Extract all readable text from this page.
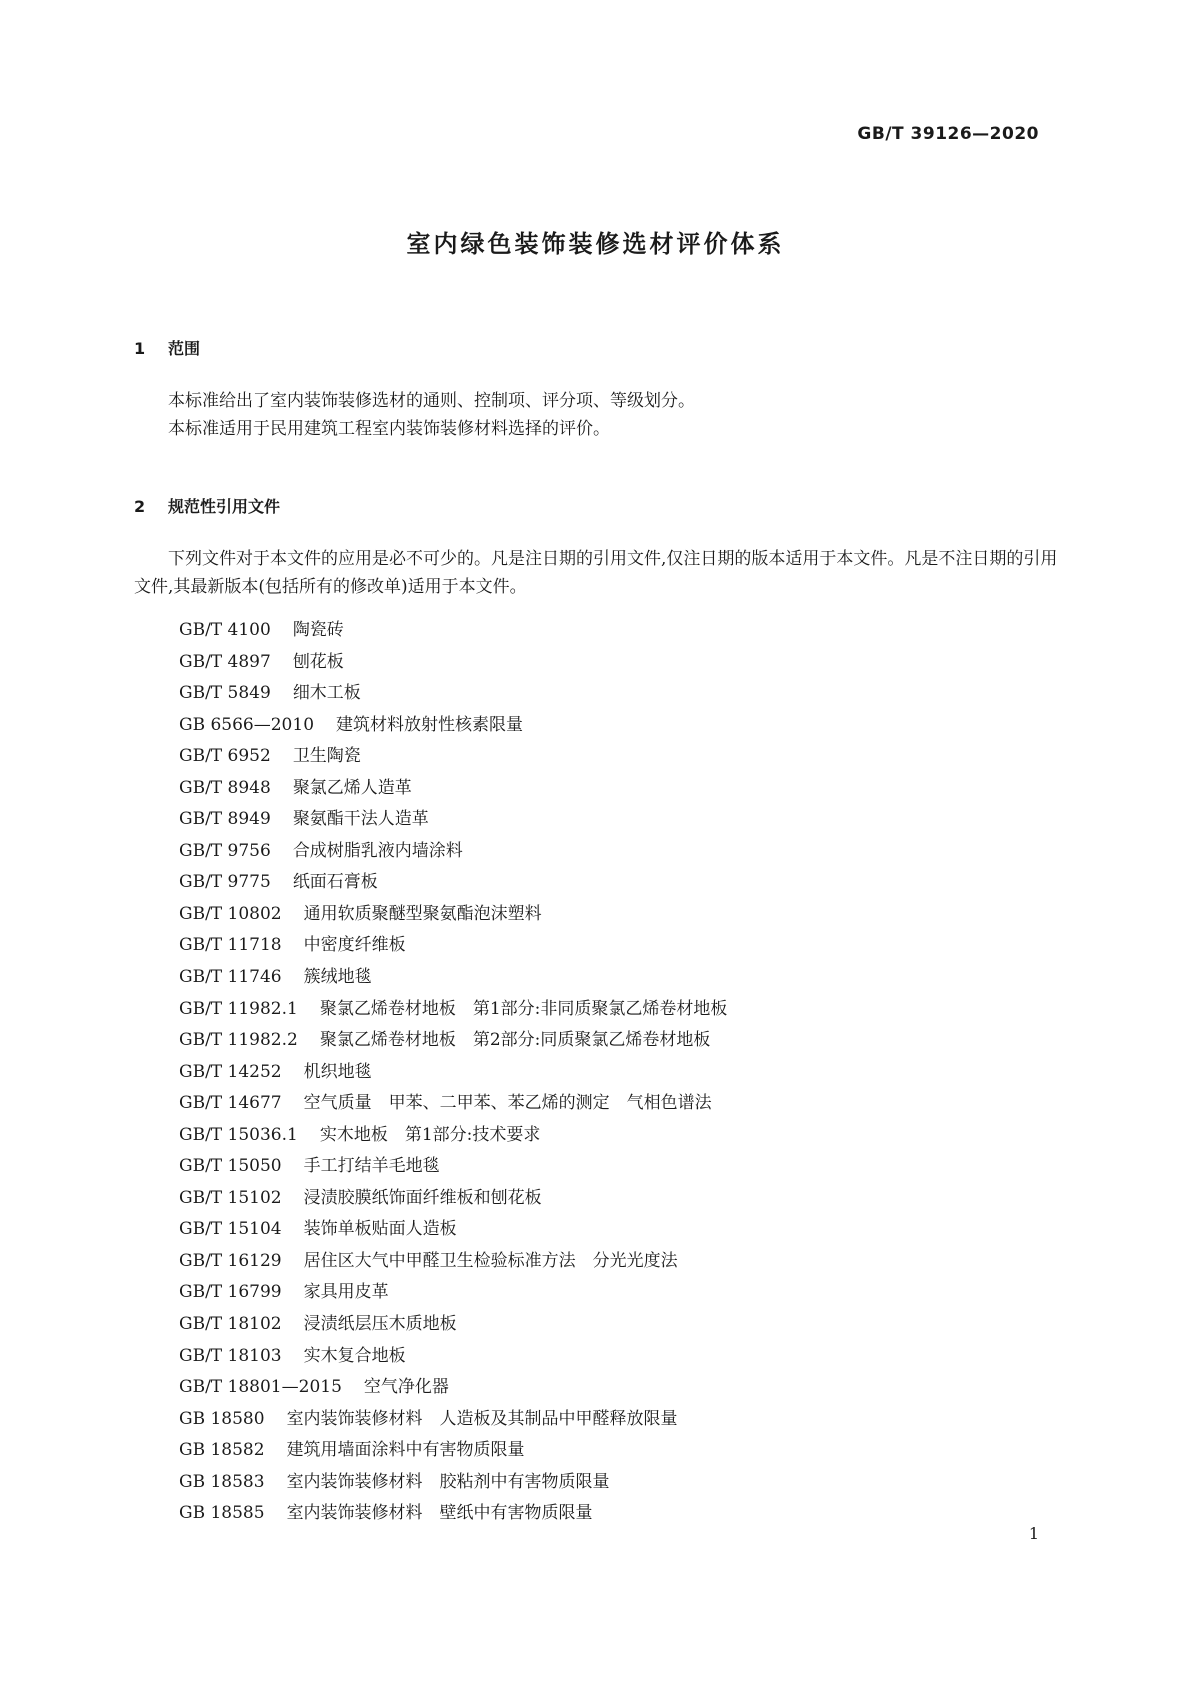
GB/T 39126—2020
室内绿色装饰装修选材评价体系
1 范围

本标准给出了室内装饰装修选材的通则、控制项、评分项、等级划分。

本标准适用于民用建筑工程室内装饰装修材料选择的评价。

2 规范性引用文件

下列文件对于本文件的应用是必不可少的。凡是注日期的引用文件,仅注日期的版本适用于本文件。凡是不注日期的引用文件,其最新版本(包括所有的修改单)适用于本文件。

GB/T 4100 陶瓷砖
GB/T 4897 刨花板
GB/T 5849 细木工板
GB 6566—2010 建筑材料放射性核素限量
GB/T 6952 卫生陶瓷
GB/T 8948 聚氯乙烯人造革
GB/T 8949 聚氨酯干法人造革
GB/T 9756 合成树脂乳液内墙涂料
GB/T 9775 纸面石膏板
GB/T 10802 通用软质聚醚型聚氨酯泡沫塑料
GB/T 11718 中密度纤维板
GB/T 11746 簇绒地毯
GB/T 11982.1 聚氯乙烯卷材地板　第1部分:非同质聚氯乙烯卷材地板
GB/T 11982.2 聚氯乙烯卷材地板　第2部分:同质聚氯乙烯卷材地板
GB/T 14252 机织地毯
GB/T 14677 空气质量　甲苯、二甲苯、苯乙烯的测定　气相色谱法
GB/T 15036.1 实木地板　第1部分:技术要求
GB/T 15050 手工打结羊毛地毯
GB/T 15102 浸渍胶膜纸饰面纤维板和刨花板
GB/T 15104 装饰单板贴面人造板
GB/T 16129 居住区大气中甲醛卫生检验标准方法　分光光度法
GB/T 16799 家具用皮革
GB/T 18102 浸渍纸层压木质地板
GB/T 18103 实木复合地板
GB/T 18801—2015 空气净化器
GB 18580 室内装饰装修材料　人造板及其制品中甲醛释放限量
GB 18582 建筑用墙面涂料中有害物质限量
GB 18583 室内装饰装修材料　胶粘剂中有害物质限量
GB 18585 室内装饰装修材料　壁纸中有害物质限量
1
